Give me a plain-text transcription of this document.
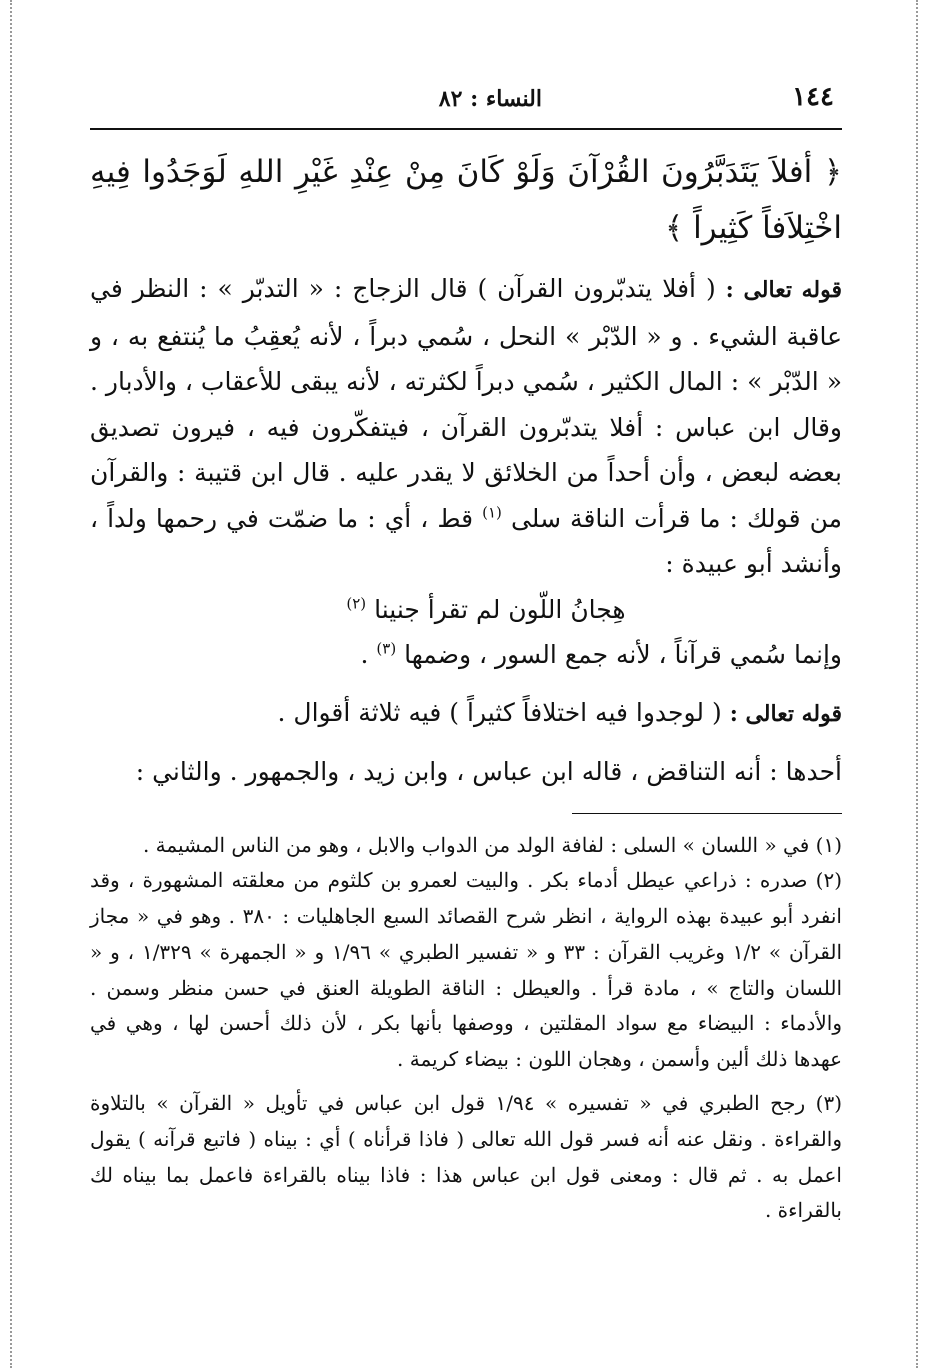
١٤٤
النساء : ٨٢
﴿ أفلاَ يَتَدَبَّرُونَ القُرْآنَ وَلَوْ كَانَ مِنْ عِنْدِ غَيْرِ اللهِ لَوَجَدُوا فِيهِ اخْتِلاَفاً كَثِيراً ﴾

قوله تعالى : ( أفلا يتدبّرون القرآن ) قال الزجاج : « التدبّر » : النظر في عاقبة الشيء . و « الدّبْر » النحل ، سُمي دبراً ، لأنه يُعقِبُ ما يُنتفع به ، و « الدّبْر » : المال الكثير ، سُمي دبراً لكثرته ، لأنه يبقى للأعقاب ، والأدبار . وقال ابن عباس : أفلا يتدبّرون القرآن ، فيتفكّرون فيه ، فيرون تصديق بعضه لبعض ، وأن أحداً من الخلائق لا يقدر عليه . قال ابن قتيبة : والقرآن من قولك : ما قرأت الناقة سلى $^{(١)}$ قط ، أي : ما ضمّت في رحمها ولداً ، وأنشد أبو عبيدة :

هِجانُ اللّون لم تقرأ جنينا $^{(٢)}$

وإنما سُمي قرآناً ، لأنه جمع السور ، وضمها $^{(٣)}$ .

قوله تعالى : ( لوجدوا فيه اختلافاً كثيراً ) فيه ثلاثة أقوال .

أحدها : أنه التناقض ، قاله ابن عباس ، وابن زيد ، والجمهور . والثاني :

(١) في « اللسان » السلى : لفافة الولد من الدواب والابل ، وهو من الناس المشيمة .

(٢) صدره : ذراعي عيطل أدماء بكر . والبيت لعمرو بن كلثوم من معلقته المشهورة ، وقد انفرد أبو عبيدة بهذه الرواية ، انظر شرح القصائد السبع الجاهليات : ٣٨٠ . وهو في « مجاز القرآن » ١/٢ وغريب القرآن : ٣٣ و « تفسير الطبري » ١/٩٦ و « الجمهرة » ١/٣٢٩ ، و « اللسان والتاج » ، مادة قرأ . والعيطل : الناقة الطويلة العنق في حسن منظر وسمن . والأدماء : البيضاء مع سواد المقلتين ، ووصفها بأنها بكر ، لأن ذلك أحسن لها ، وهي في عهدها ذلك ألين وأسمن ، وهجان اللون : بيضاء كريمة .

(٣) رجح الطبري في « تفسيره » ١/٩٤ قول ابن عباس في تأويل « القرآن » بالتلاوة والقراءة . ونقل عنه أنه فسر قول الله تعالى ( فاذا قرأناه ) أي : بيناه ( فاتبع قرآنه ) يقول اعمل به . ثم قال : ومعنى قول ابن عباس هذا : فاذا بيناه بالقراءة فاعمل بما بيناه لك بالقراءة .
